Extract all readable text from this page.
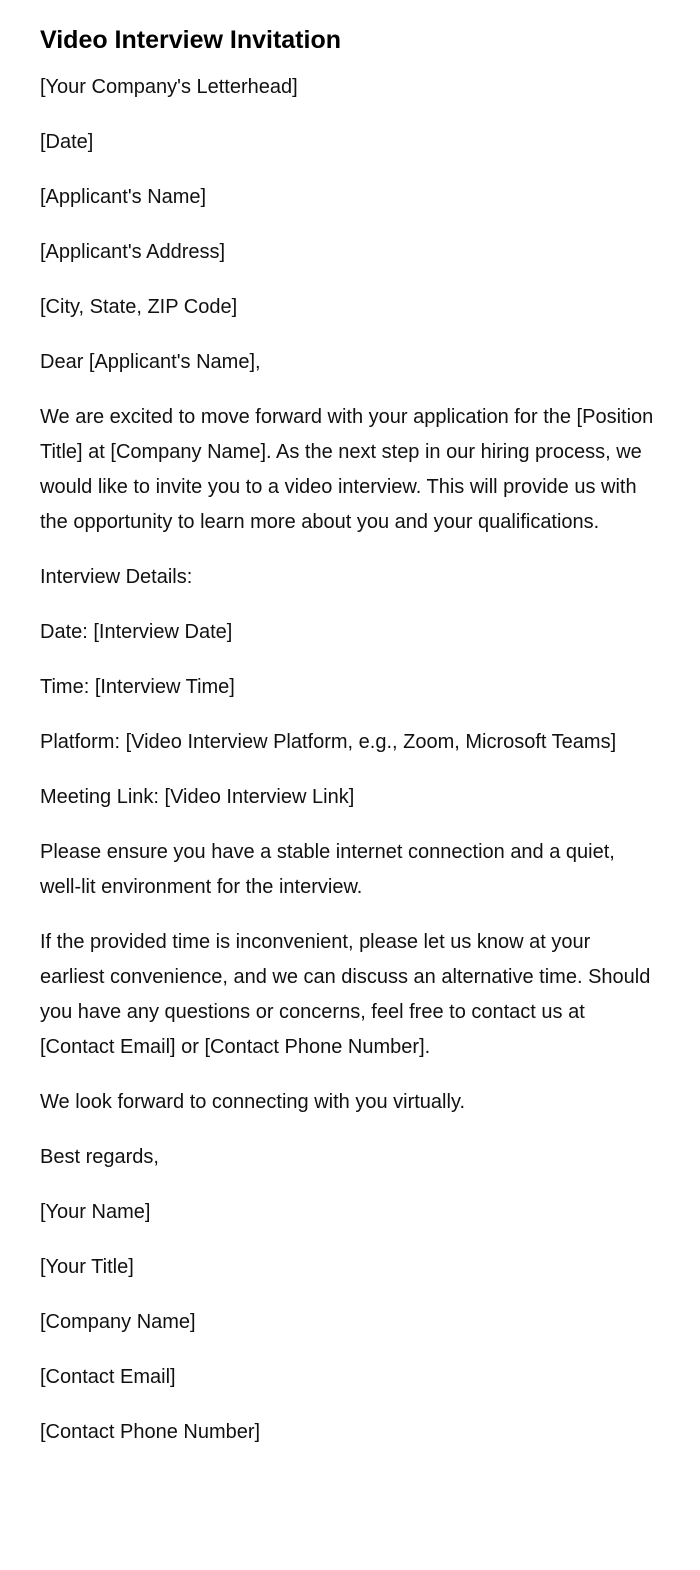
Video Interview Invitation

[Your Company's Letterhead]

[Date]

[Applicant's Name]

[Applicant's Address]

[City, State, ZIP Code]

Dear [Applicant's Name],

We are excited to move forward with your application for the [Position Title] at [Company Name]. As the next step in our hiring process, we would like to invite you to a video interview. This will provide us with the opportunity to learn more about you and your qualifications.

Interview Details:

Date: [Interview Date]

Time: [Interview Time]

Platform: [Video Interview Platform, e.g., Zoom, Microsoft Teams]

Meeting Link: [Video Interview Link]

Please ensure you have a stable internet connection and a quiet, well-lit environment for the interview.

If the provided time is inconvenient, please let us know at your earliest convenience, and we can discuss an alternative time. Should you have any questions or concerns, feel free to contact us at [Contact Email] or [Contact Phone Number].

We look forward to connecting with you virtually.

Best regards,

[Your Name]

[Your Title]

[Company Name]

[Contact Email]

[Contact Phone Number]
